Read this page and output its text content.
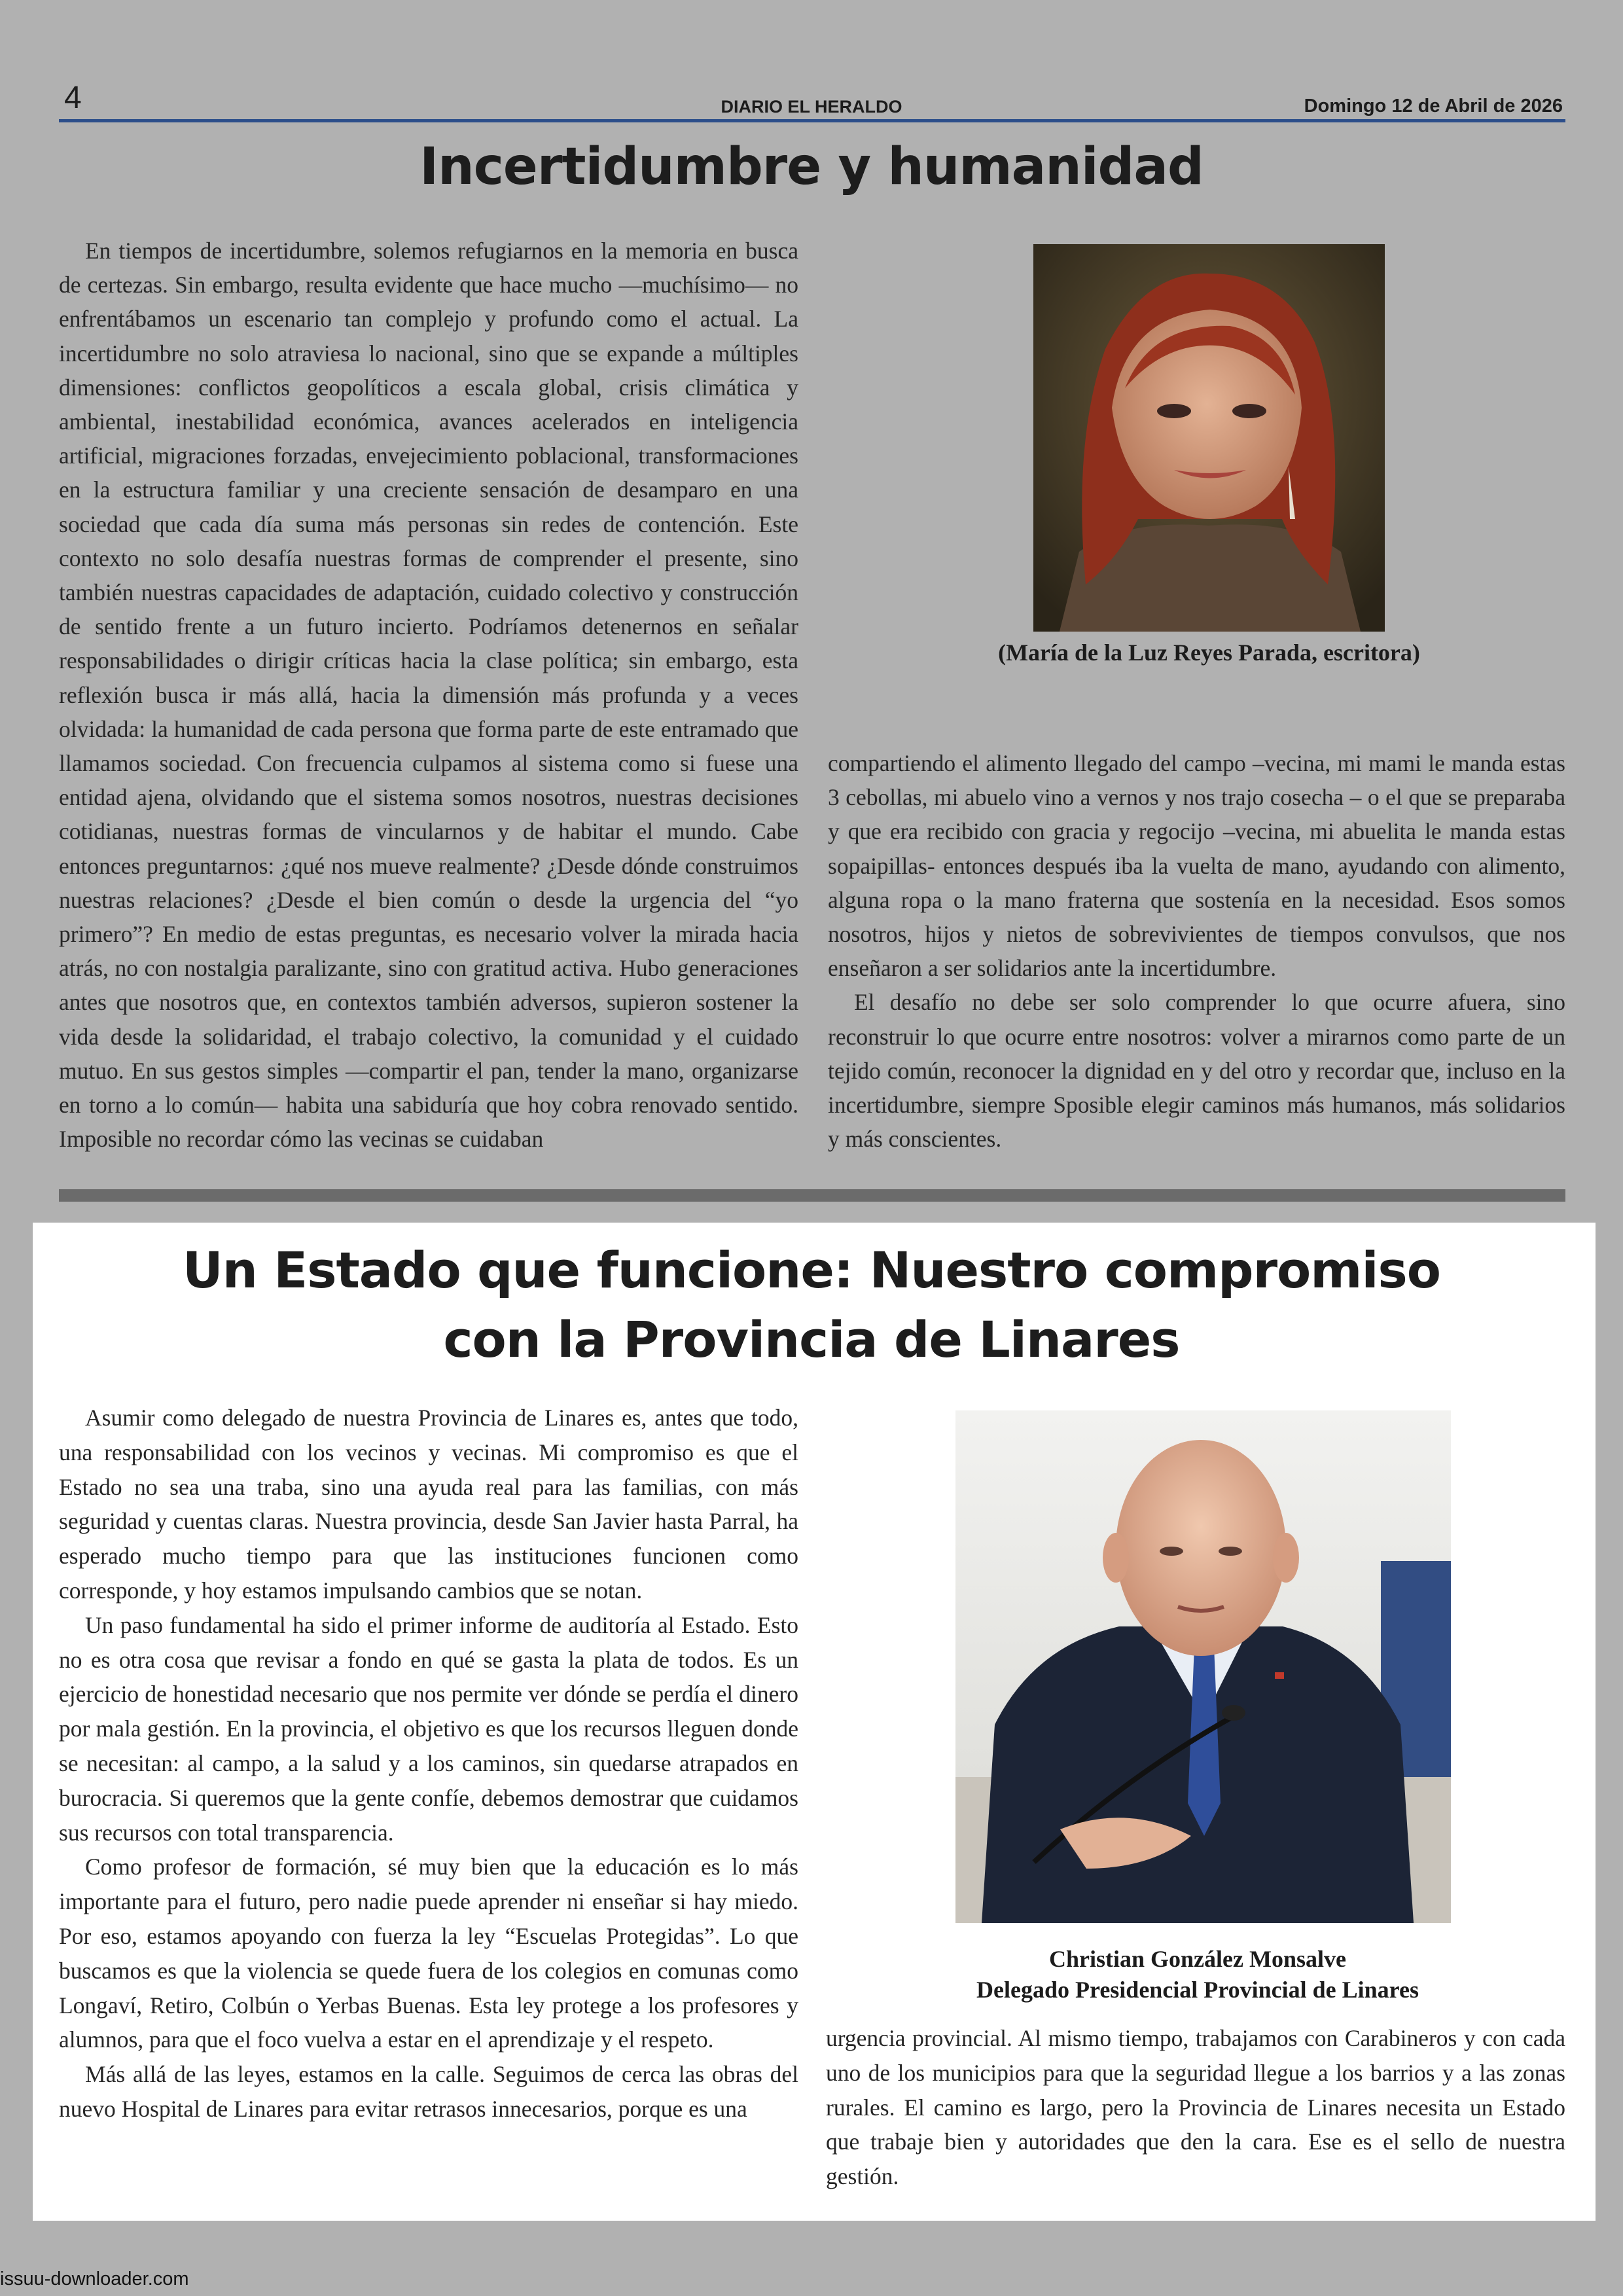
4	DIARIO EL HERALDO	Domingo 12 de Abril de 2026
Incertidumbre y humanidad

En tiempos de incertidumbre, solemos refugiarnos en la memoria en busca de certezas. Sin embargo, resulta evidente que hace mucho —muchísimo— no enfrentábamos un escenario tan complejo y profundo como el actual. La incertidumbre no solo atraviesa lo nacional, sino que se expande a múltiples dimensiones: conflictos geopolíticos a escala global, crisis climática y ambiental, inestabilidad económica, avances acelerados en inteligencia artificial, migraciones forzadas, envejecimiento poblacional, transformaciones en la estructura familiar y una creciente sensación de desamparo en una sociedad que cada día suma más personas sin redes de contención. Este contexto no solo desafía nuestras formas de comprender el presente, sino también nuestras capacidades de adaptación, cuidado colectivo y construcción de sentido frente a un futuro incierto. Podríamos detenernos en señalar responsabilidades o dirigir críticas hacia la clase política; sin embargo, esta reflexión busca ir más allá, hacia la dimensión más profunda y a veces olvidada: la humanidad de cada persona que forma parte de este entramado que llamamos sociedad. Con frecuencia culpamos al sistema como si fuese una entidad ajena, olvidando que el sistema somos nosotros, nuestras decisiones cotidianas, nuestras formas de vincularnos y de habitar el mundo. Cabe entonces preguntarnos: ¿qué nos mueve realmente? ¿Desde dónde construimos nuestras relaciones? ¿Desde el bien común o desde la urgencia del “yo primero”? En medio de estas preguntas, es necesario volver la mirada hacia atrás, no con nostalgia paralizante, sino con gratitud activa. Hubo generaciones antes que nosotros que, en contextos también adversos, supieron sostener la vida desde la solidaridad, el trabajo colectivo, la comunidad y el cuidado mutuo. En sus gestos simples —compartir el pan, tender la mano, organizarse en torno a lo común— habita una sabiduría que hoy cobra renovado sentido. Imposible no recordar cómo las vecinas se cuidaban

(María de la Luz Reyes Parada, escritora)

compartiendo el alimento llegado del campo –vecina, mi mami le manda estas 3 cebollas, mi abuelo vino a vernos y nos trajo cosecha – o el que se preparaba y que era recibido con gracia y regocijo –vecina, mi abuelita le manda estas sopaipillas- entonces después iba la vuelta de mano, ayudando con alimento, alguna ropa o la mano fraterna que sostenía en la necesidad. Esos somos nosotros, hijos y nietos de sobrevivientes de tiempos convulsos, que nos enseñaron a ser solidarios ante la incertidumbre.

El desafío no debe ser solo comprender lo que ocurre afuera, sino reconstruir lo que ocurre entre nosotros: volver a mirarnos como parte de un tejido común, reconocer la dignidad en y del otro y recordar que, incluso en la incertidumbre, siempre Sposible elegir caminos más humanos, más solidarios y más conscientes.

Un Estado que funcione: Nuestro compromiso
con la Provincia de Linares

Asumir como delegado de nuestra Provincia de Linares es, antes que todo, una responsabilidad con los vecinos y vecinas. Mi compromiso es que el Estado no sea una traba, sino una ayuda real para las familias, con más seguridad y cuentas claras. Nuestra provincia, desde San Javier hasta Parral, ha esperado mucho tiempo para que las instituciones funcionen como corresponde, y hoy estamos impulsando cambios que se notan.

Un paso fundamental ha sido el primer informe de auditoría al Estado. Esto no es otra cosa que revisar a fondo en qué se gasta la plata de todos. Es un ejercicio de honestidad necesario que nos permite ver dónde se perdía el dinero por mala gestión. En la provincia, el objetivo es que los recursos lleguen donde se necesitan: al campo, a la salud y a los caminos, sin quedarse atrapados en burocracia. Si queremos que la gente confíe, debemos demostrar que cuidamos sus recursos con total transparencia.

Como profesor de formación, sé muy bien que la educación es lo más importante para el futuro, pero nadie puede aprender ni enseñar si hay miedo. Por eso, estamos apoyando con fuerza la ley “Escuelas Protegidas”. Lo que buscamos es que la violencia se quede fuera de los colegios en comunas como Longaví, Retiro, Colbún o Yerbas Buenas. Esta ley protege a los profesores y alumnos, para que el foco vuelva a estar en el aprendizaje y el respeto.

Más allá de las leyes, estamos en la calle. Seguimos de cerca las obras del nuevo Hospital de Linares para evitar retrasos innecesarios, porque es una

Christian González Monsalve
Delegado Presidencial Provincial de Linares

urgencia provincial. Al mismo tiempo, trabajamos con Carabineros y con cada uno de los municipios para que la seguridad llegue a los barrios y a las zonas rurales. El camino es largo, pero la Provincia de Linares necesita un Estado que trabaje bien y autoridades que den la cara. Ese es el sello de nuestra gestión.

issuu-downloader.com
